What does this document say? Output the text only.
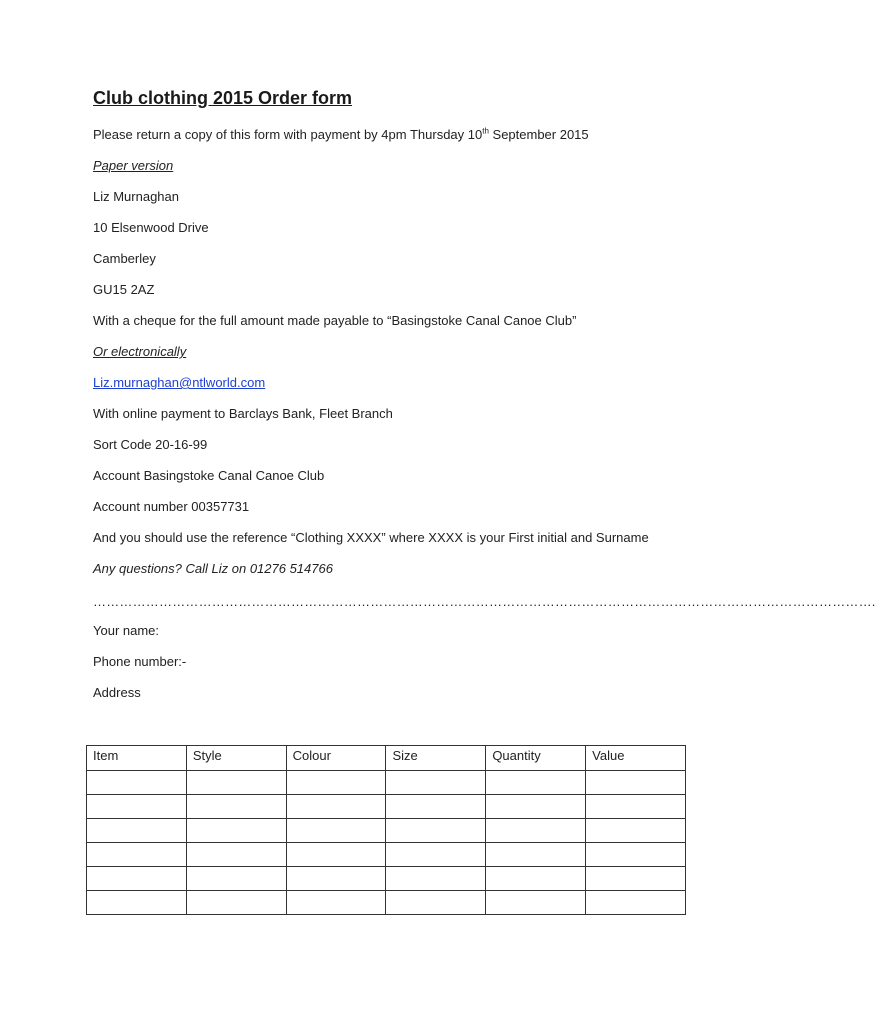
Club clothing 2015 Order form

Please return a copy of this form with payment by 4pm Thursday 10th September 2015

Paper version

Liz Murnaghan

10 Elsenwood Drive

Camberley

GU15 2AZ

With a cheque for the full amount made payable to “Basingstoke Canal Canoe Club”

Or electronically

Liz.murnaghan@ntlworld.com

With online payment to Barclays Bank, Fleet Branch

Sort Code 20-16-99

Account Basingstoke Canal Canoe Club

Account number 00357731

And you should use the reference “Clothing XXXX” where XXXX is your First initial and Surname

Any questions? Call Liz on 01276 514766

…………………………………………………………………………………………………………………………………………………………….

Your name:

Phone number:-

Address

Item	Style	Colour	Size	Quantity	Value
